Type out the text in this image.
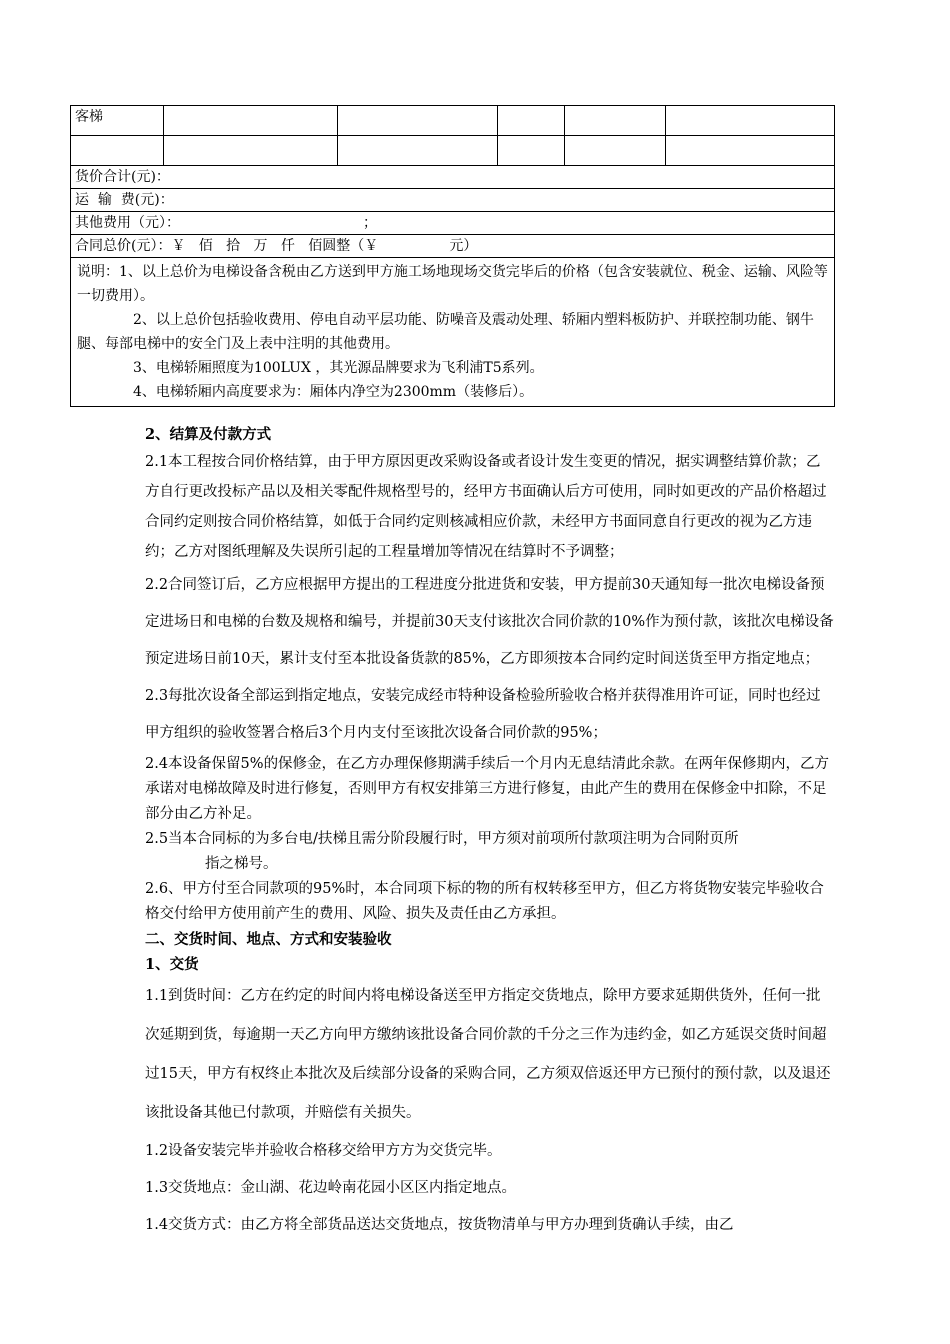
客梯					

货价合计(元)：					
运  输  费(元)：					
其他费用（元）： ；					
合同总价(元）：￥   佰   拾   万   仟   佰圆整（￥                元）					

说明：1、以上总价为电梯设备含税由乙方送到甲方施工场地现场交货完毕后的价格（包含安装就位、税金、运输、风险等一切费用）。

2、以上总价包括验收费用、停电自动平层功能、防噪音及震动处理、轿厢内塑料板防护、并联控制功能、钢牛腿、每部电梯中的安全门及上表中注明的其他费用。

3、电梯轿厢照度为100LUX ，其光源品牌要求为飞利浦T5系列。

4、电梯轿厢内高度要求为：厢体内净空为2300mm（装修后）。					

2、结算及付款方式

2.1本工程按合同价格结算，由于甲方原因更改采购设备或者设计发生变更的情况，据实调整结算价款；乙方自行更改投标产品以及相关零配件规格型号的，经甲方书面确认后方可使用，同时如更改的产品价格超过合同约定则按合同价格结算，如低于合同约定则核减相应价款，未经甲方书面同意自行更改的视为乙方违约；乙方对图纸理解及失误所引起的工程量增加等情况在结算时不予调整；

2.2合同签订后，乙方应根据甲方提出的工程进度分批进货和安装，甲方提前30天通知每一批次电梯设备预定进场日和电梯的台数及规格和编号，并提前30天支付该批次合同价款的10%作为预付款，该批次电梯设备预定进场日前10天，累计支付至本批设备货款的85%，乙方即须按本合同约定时间送货至甲方指定地点；

2.3每批次设备全部运到指定地点，安装完成经市特种设备检验所验收合格并获得准用许可证，同时也经过甲方组织的验收签署合格后3个月内支付至该批次设备合同价款的95%；

2.4本设备保留5%的保修金，在乙方办理保修期满手续后一个月内无息结清此余款。在两年保修期内，乙方承诺对电梯故障及时进行修复，否则甲方有权安排第三方进行修复，由此产生的费用在保修金中扣除，不足部分由乙方补足。

2.5当本合同标的为多台电/扶梯且需分阶段履行时，甲方须对前项所付款项注明为合同附页所

指之梯号。

2.6、甲方付至合同款项的95%时，本合同项下标的物的所有权转移至甲方，但乙方将货物安装完毕验收合格交付给甲方使用前产生的费用、风险、损失及责任由乙方承担。

二、交货时间、地点、方式和安装验收

1、交货

1.1到货时间：乙方在约定的时间内将电梯设备送至甲方指定交货地点，除甲方要求延期供货外，任何一批次延期到货，每逾期一天乙方向甲方缴纳该批设备合同价款的千分之三作为违约金，如乙方延误交货时间超过15天，甲方有权终止本批次及后续部分设备的采购合同，乙方须双倍返还甲方已预付的预付款，以及退还该批设备其他已付款项，并赔偿有关损失。

1.2设备安装完毕并验收合格移交给甲方方为交货完毕。

1.3交货地点：金山湖、花边岭南花园小区区内指定地点。

1.4交货方式：由乙方将全部货品送达交货地点，按货物清单与甲方办理到货确认手续，由乙
